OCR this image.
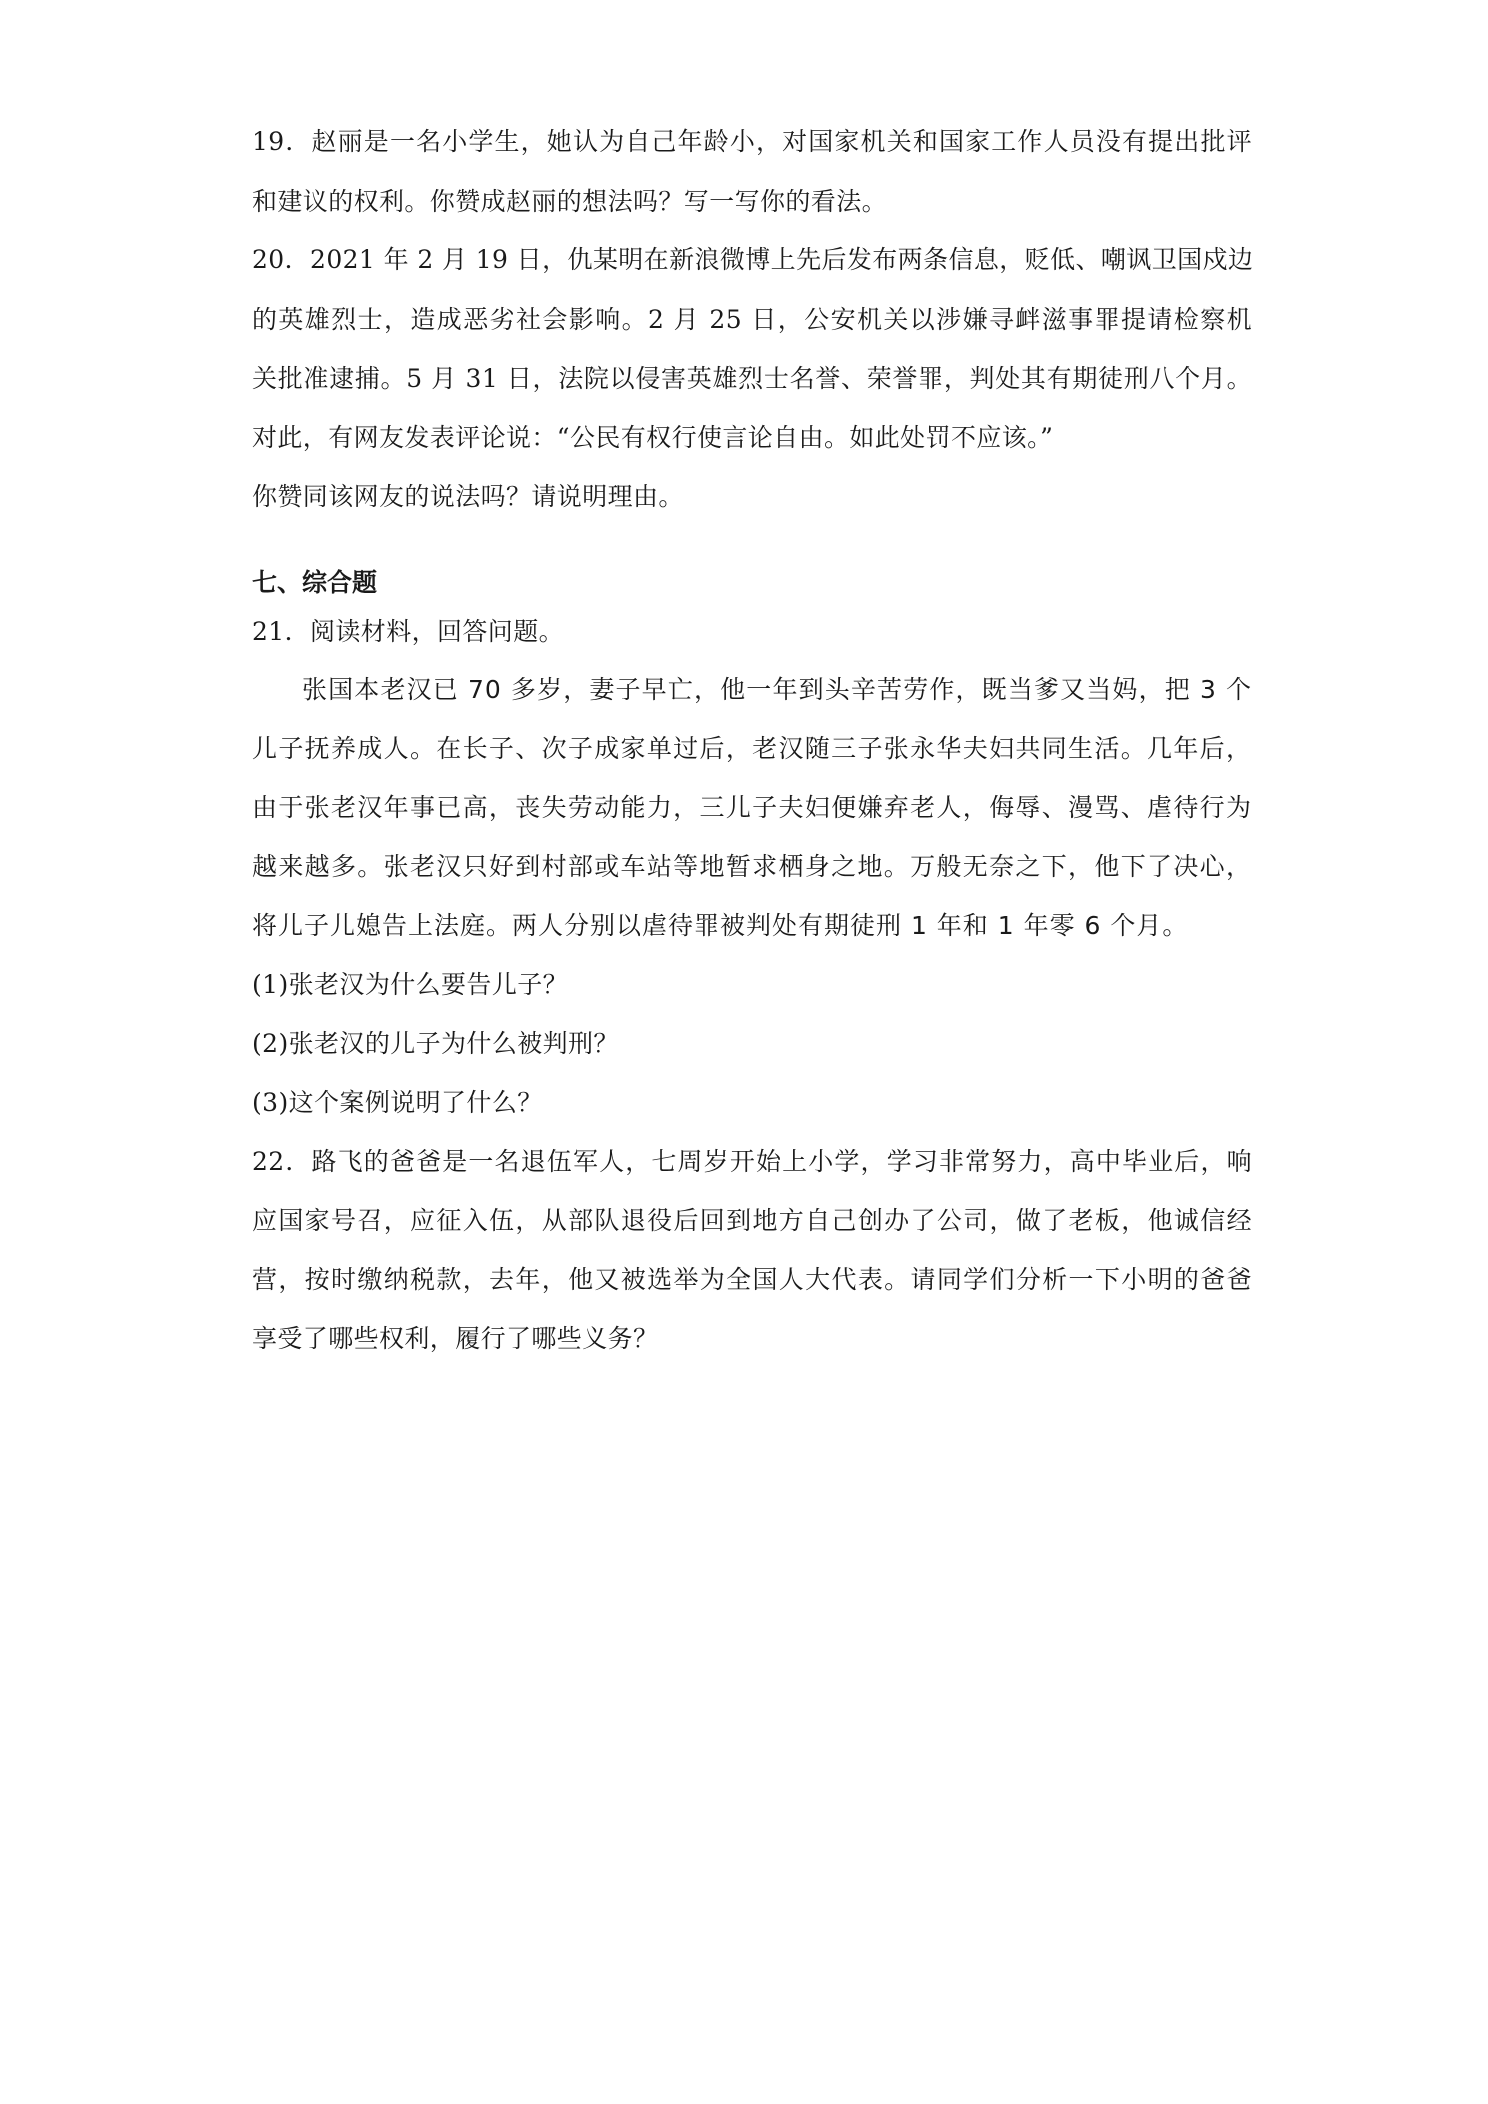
19．赵丽是一名小学生，她认为自己年龄小，对国家机关和国家工作人员没有提出批评
和建议的权利。你赞成赵丽的想法吗？写一写你的看法。
20．2021 年 2 月 19 日，仇某明在新浪微博上先后发布两条信息，贬低、嘲讽卫国戍边
的英雄烈士，造成恶劣社会影响。2 月 25 日，公安机关以涉嫌寻衅滋事罪提请检察机
关批准逮捕。5 月 31 日，法院以侵害英雄烈士名誉、荣誉罪，判处其有期徒刑八个月。
对此，有网友发表评论说：“公民有权行使言论自由。如此处罚不应该。”
你赞同该网友的说法吗？请说明理由。
七、综合题
21．阅读材料，回答问题。
张国本老汉已 70 多岁，妻子早亡，他一年到头辛苦劳作，既当爹又当妈，把 3 个
儿子抚养成人。在长子、次子成家单过后，老汉随三子张永华夫妇共同生活。几年后，
由于张老汉年事已高，丧失劳动能力，三儿子夫妇便嫌弃老人，侮辱、漫骂、虐待行为
越来越多。张老汉只好到村部或车站等地暂求栖身之地。万般无奈之下，他下了决心，
将儿子儿媳告上法庭。两人分别以虐待罪被判处有期徒刑 1 年和 1 年零 6 个月。
(1)张老汉为什么要告儿子？
(2)张老汉的儿子为什么被判刑？
(3)这个案例说明了什么？
22．路飞的爸爸是一名退伍军人，七周岁开始上小学，学习非常努力，高中毕业后，响
应国家号召，应征入伍，从部队退役后回到地方自己创办了公司，做了老板，他诚信经
营，按时缴纳税款，去年，他又被选举为全国人大代表。请同学们分析一下小明的爸爸
享受了哪些权利，履行了哪些义务？
